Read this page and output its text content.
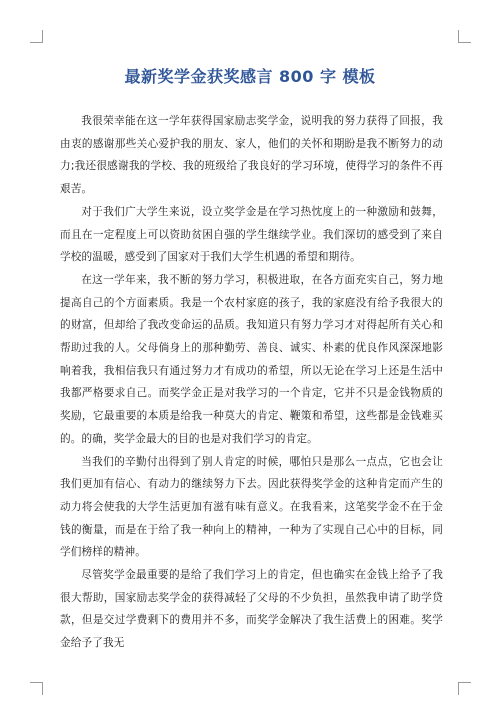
最新奖学金获奖感言 800 字 模板

我很荣幸能在这一学年获得国家励志奖学金，说明我的努力获得了回报，我由衷的感谢那些关心爱护我的朋友、家人，他们的关怀和期盼是我不断努力的动力;我还很感谢我的学校、我的班级给了我良好的学习环境，使得学习的条件不再艰苦。

对于我们广大学生来说，设立奖学金是在学习热忱度上的一种激励和鼓舞，而且在一定程度上可以资助贫困自强的学生继续学业。我们深切的感受到了来自学校的温暖，感受到了国家对于我们大学生机遇的希望和期待。

在这一学年来，我不断的努力学习，积极进取，在各方面充实自己，努力地提高自己的个方面素质。我是一个农村家庭的孩子，我的家庭没有给予我很大的的财富，但却给了我改变命运的品质。我知道只有努力学习才对得起所有关心和帮助过我的人。父母倘身上的那种勤劳、善良、诚实、朴素的优良作风深深地影响着我，我相信我只有通过努力才有成功的希望，所以无论在学习上还是生活中我都严格要求自己。而奖学金正是对我学习的一个肯定，它并不只是金钱物质的奖励，它最重要的本质是给我一种莫大的肯定、鞭策和希望，这些都是金钱难买的。的确，奖学金最大的目的也是对我们学习的肯定。

当我们的辛勤付出得到了别人肯定的时候，哪怕只是那么一点点，它也会让我们更加有信心、有动力的继续努力下去。因此获得奖学金的这种肯定而产生的动力将会使我的大学生活更加有滋有味有意义。在我看来，这笔奖学金不在于金钱的衡量，而是在于给了我一种向上的精神，一种为了实现自己心中的目标，同学们榜样的精神。

尽管奖学金最重要的是给了我们学习上的肯定，但也确实在金钱上给予了我很大帮助，国家励志奖学金的获得减轻了父母的不少负担，虽然我申请了助学贷款，但是交过学费剩下的费用并不多，而奖学金解决了我生活费上的困难。奖学金给予了我无
